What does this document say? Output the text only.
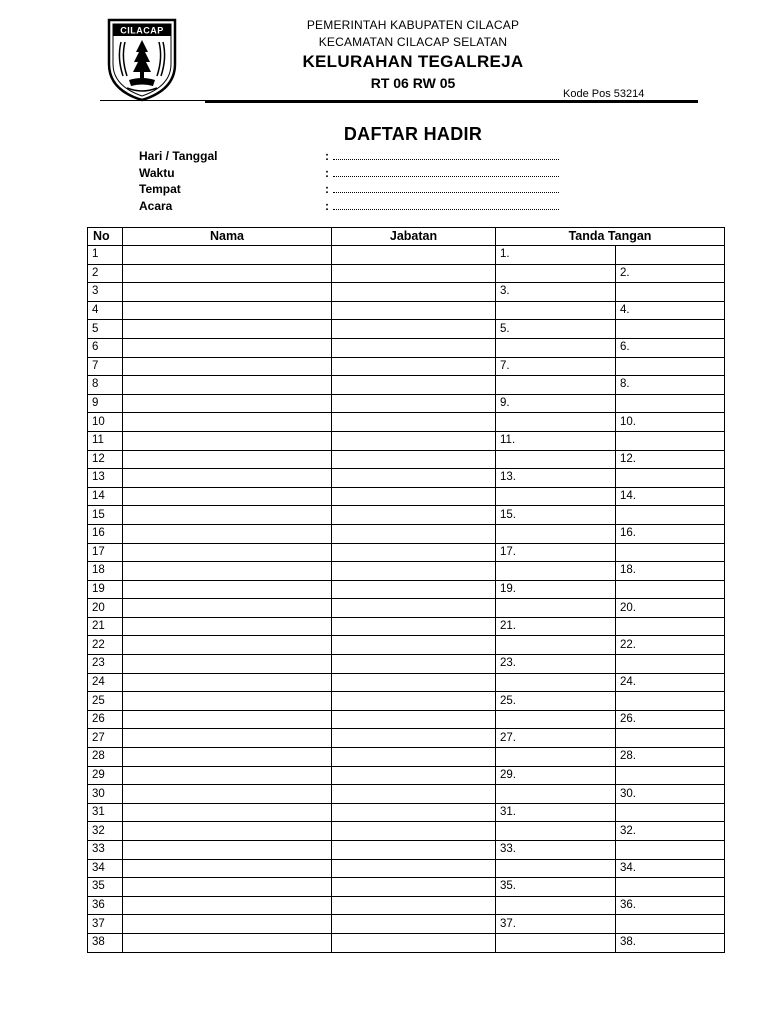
CILACAP	PEMERINTAH KABUPATEN CILACAP
KECAMATAN CILACAP SELATAN
KELURAHAN TEGALREJA
RT 06 RW 05
Kode Pos 53214
DAFTAR HADIR
Hari / Tanggal	:
Waktu	:
Tempat	:
Acara	:
No	Nama	Jabatan	Tanda Tangan	
1			1.	
2				2.
3			3.	
4				4.
5			5.	
6				6.
7			7.	
8				8.
9			9.	
10				10.
11			11.	
12				12.
13			13.	
14				14.
15			15.	
16				16.
17			17.	
18				18.
19			19.	
20				20.
21			21.	
22				22.
23			23.	
24				24.
25			25.	
26				26.
27			27.	
28				28.
29			29.	
30				30.
31			31.	
32				32.
33			33.	
34				34.
35			35.	
36				36.
37			37.	
38				38.
